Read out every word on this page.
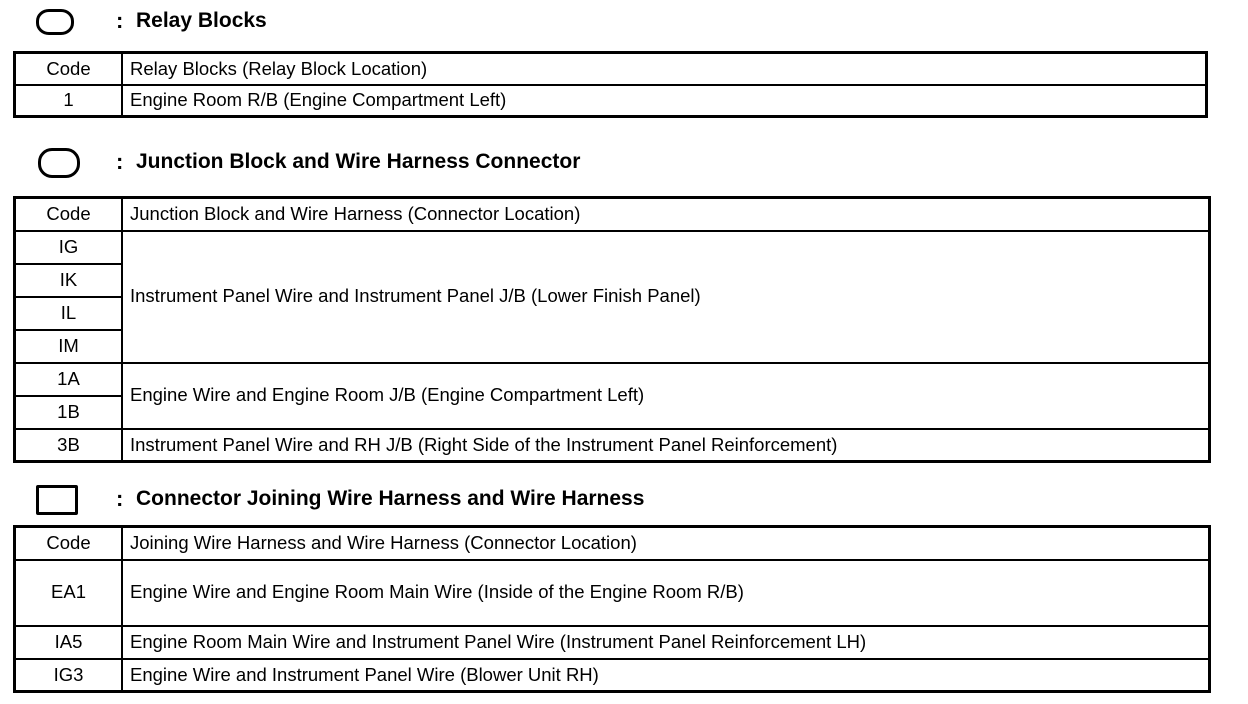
: Relay Blocks
Code	Relay Blocks (Relay Block Location)
1	Engine Room R/B (Engine Compartment Left)
: Junction Block and Wire Harness Connector
Code	Junction Block and Wire Harness (Connector Location)
IG	Instrument Panel Wire and Instrument Panel J/B (Lower Finish Panel)
IK	
IL	
IM	
1A	Engine Wire and Engine Room J/B (Engine Compartment Left)
1B	
3B	Instrument Panel Wire and RH J/B (Right Side of the Instrument Panel Reinforcement)
: Connector Joining Wire Harness and Wire Harness
Code	Joining Wire Harness and Wire Harness (Connector Location)
EA1	Engine Wire and Engine Room Main Wire (Inside of the Engine Room R/B)
IA5	Engine Room Main Wire and Instrument Panel Wire (Instrument Panel Reinforcement LH)
IG3	Engine Wire and Instrument Panel Wire (Blower Unit RH)
